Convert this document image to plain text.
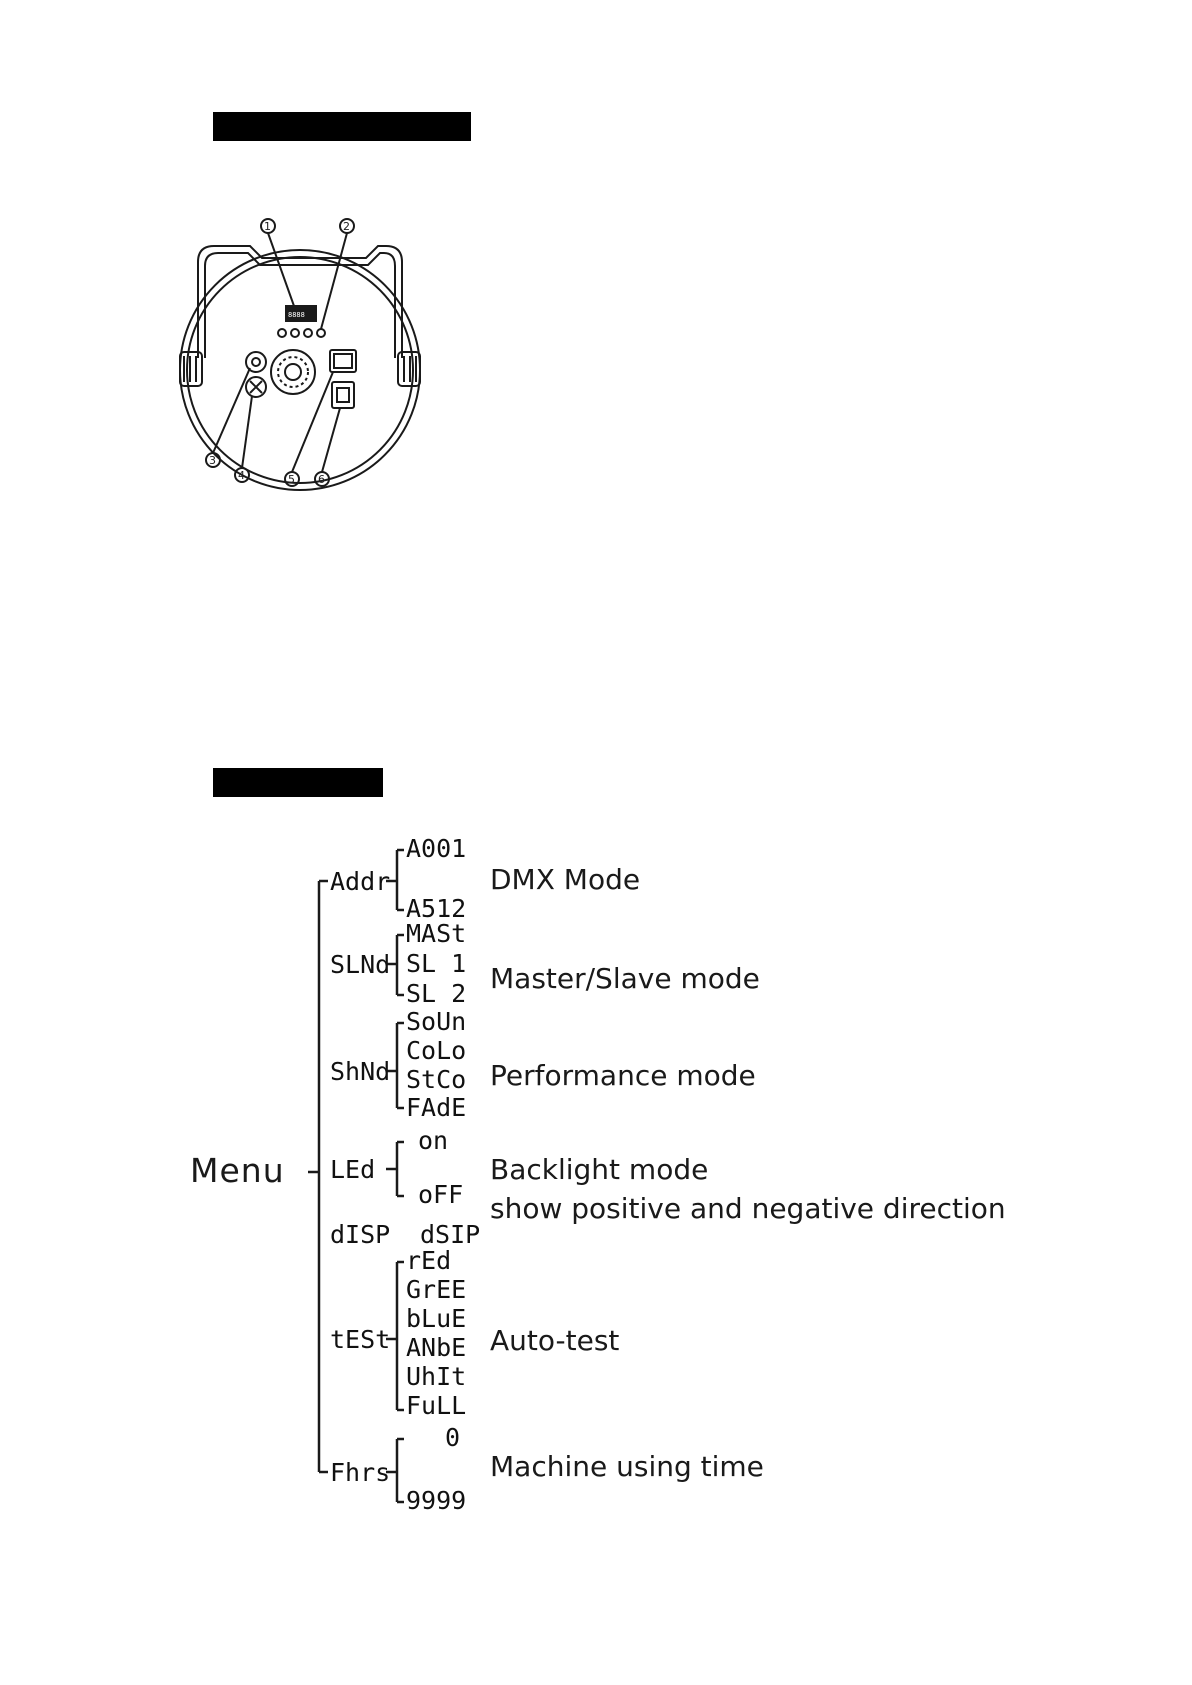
8888
1	2
3
4	5 6
Menu
Addr
SLNd
ShNd
LEd
dISP
tESt
Fhrs
A001
A512
MASt
SL 1
SL 2
SoUn
CoLo
StCo
FAdE
on
oFF
dSIP
rEd
GrEE
bLuE
ANbE
UhIt
FuLL
0
9999
DMX Mode
Master/Slave mode
Performance mode
Backlight mode
show positive and negative direction
Auto-test
Machine using time
